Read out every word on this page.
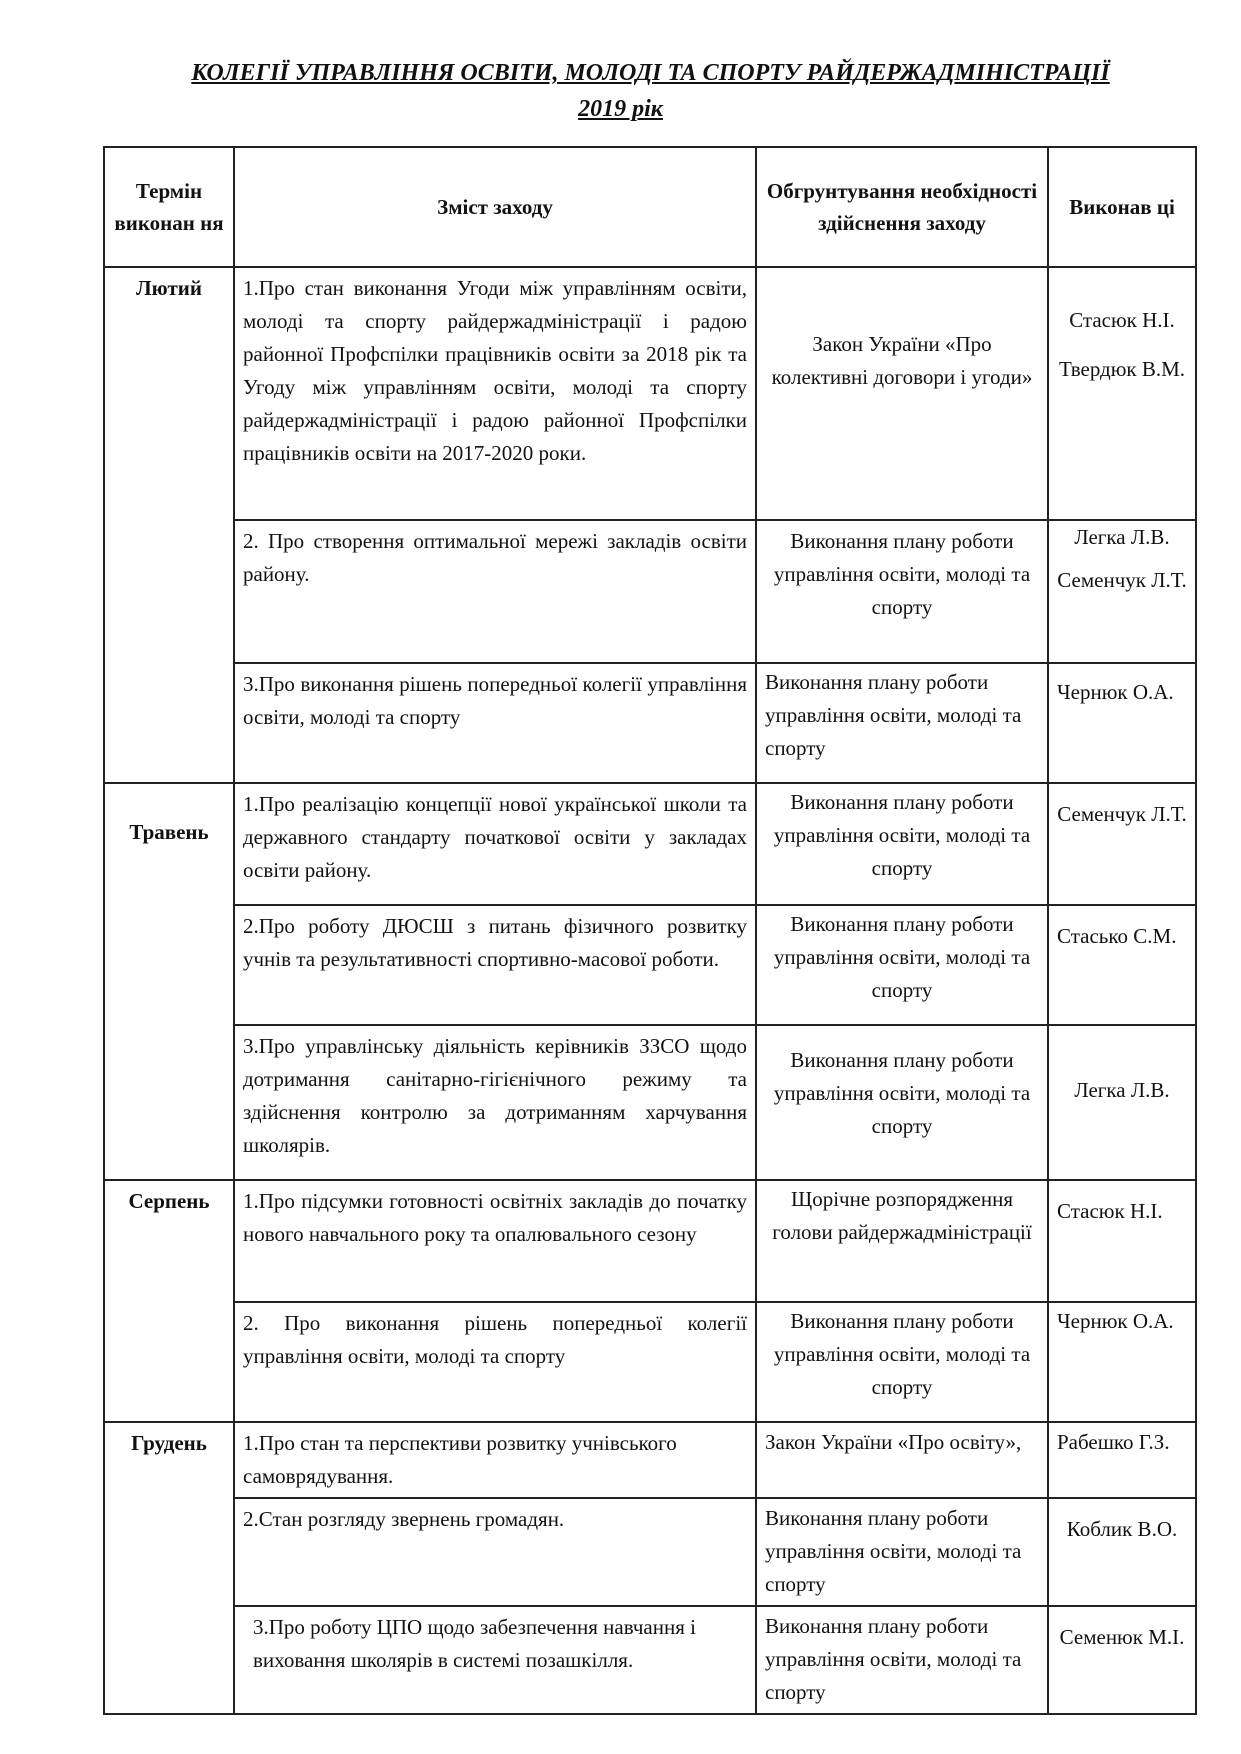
КОЛЕГІЇ УПРАВЛІННЯ ОСВІТИ, МОЛОДІ ТА СПОРТУ РАЙДЕРЖАДМІНІСТРАЦІЇ
2019 рік
Термін виконан ня	Зміст заходу	Обгрунтування необхідності здійснення заходу	Виконав ці
Лютий	1.Про стан виконання Угоди між управлінням освіти, молоді та спорту райдержадміністрації і радою районної Профспілки працівників освіти за 2018 рік та Угоду між управлінням освіти, молоді та спорту райдержадміністрації і радою районної Профспілки працівників освіти на 2017-2020 роки.	Закон України «Про колективні договори і угоди»	Стасюк Н.І.
Твердюк В.М.

	2. Про створення оптимальної мережі закладів освіти району.	Виконання плану роботи управління освіти, молоді та спорту	Легка Л.В.
Семенчук Л.Т.

	3.Про виконання рішень попередньої колегії управління освіти, молоді та спорту	Виконання плану роботи управління освіти, молоді та спорту	Чернюк О.А.

Травень	1.Про реалізацію концепції нової української школи та державного стандарту початкової освіти у закладах освіти району.	Виконання плану роботи управління освіти, молоді та спорту	Семенчук Л.Т.

	2.Про роботу ДЮСШ з питань фізичного розвитку учнів та результативності спортивно-масової роботи.	Виконання плану роботи управління освіти, молоді та спорту	Стасько С.М.

	3.Про управлінську діяльність керівників ЗЗСО щодо дотримання санітарно-гігієнічного режиму та здійснення контролю за дотриманням харчування школярів.	Виконання плану роботи управління освіти, молоді та спорту	Легка Л.В.

Серпень	1.Про підсумки готовності освітніх закладів до початку нового навчального року та опалювального сезону	Щорічне розпорядження голови райдержадміністрації	Стасюк Н.І.

	2. Про виконання рішень попередньої колегії управління освіти, молоді та спорту	Виконання плану роботи управління освіти, молоді та спорту	Чернюк О.А.

Грудень	1.Про стан та перспективи розвитку учнівського самоврядування.	Закон України «Про освіту»,	Рабешко Г.З.

	2.Стан розгляду звернень громадян.	Виконання плану роботи управління освіти, молоді та спорту	Коблик В.О.

	3.Про роботу ЦПО щодо забезпечення навчання і виховання школярів в системі позашкілля.	Виконання плану роботи управління освіти, молоді та спорту	Семенюк М.І.
